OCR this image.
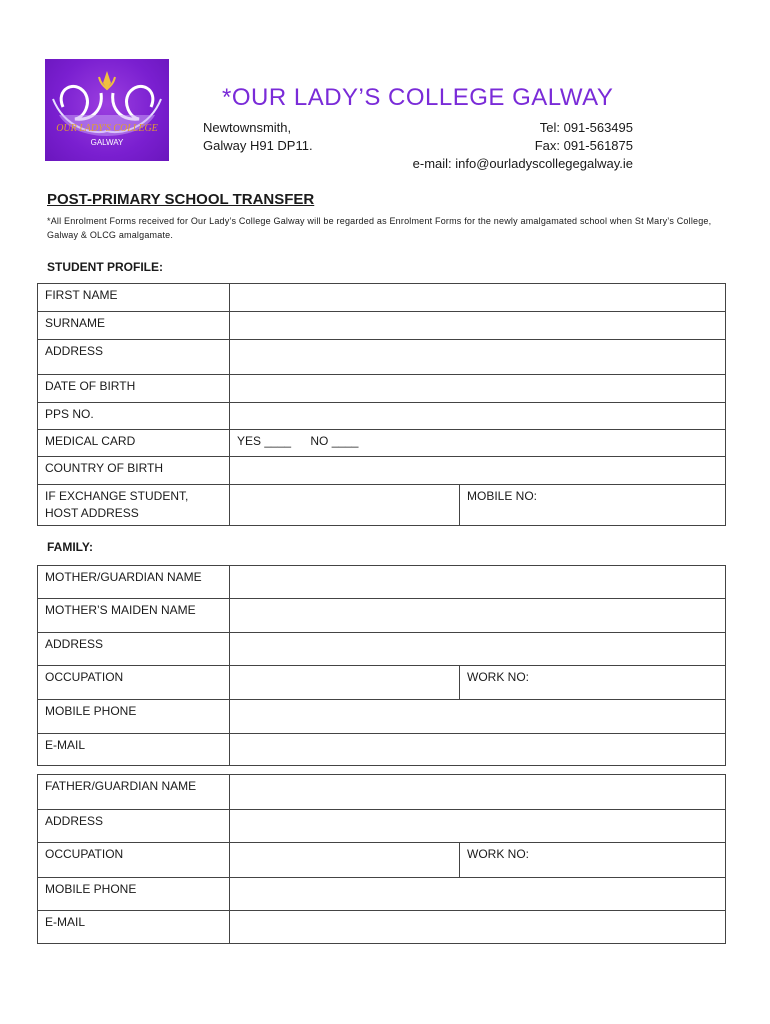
OUR LADY'S COLLEGE
GALWAY
*OUR LADY’S COLLEGE GALWAY
Newtownsmith,
Galway H91 DP11.
Tel: 091-563495
Fax: 091-561875
e-mail: info@ourladyscollegegalway.ie
POST-PRIMARY SCHOOL TRANSFER
*All Enrolment Forms received for Our Lady’s College Galway will be regarded as Enrolment Forms for the newly amalgamated school when St Mary’s College, Galway & OLCG amalgamate.
STUDENT PROFILE:
FIRST NAME		
SURNAME		
ADDRESS		
DATE OF BIRTH		
PPS NO.		
MEDICAL CARD	YES ____ NO ____	
COUNTRY OF BIRTH		

IF EXCHANGE STUDENT,
HOST ADDRESS		MOBILE NO:
FAMILY:
MOTHER/GUARDIAN NAME		
MOTHER’S MAIDEN NAME		
ADDRESS		
OCCUPATION		WORK NO:
MOBILE PHONE		
E-MAIL		
FATHER/GUARDIAN NAME		
ADDRESS		
OCCUPATION		WORK NO:
MOBILE PHONE		
E-MAIL		
